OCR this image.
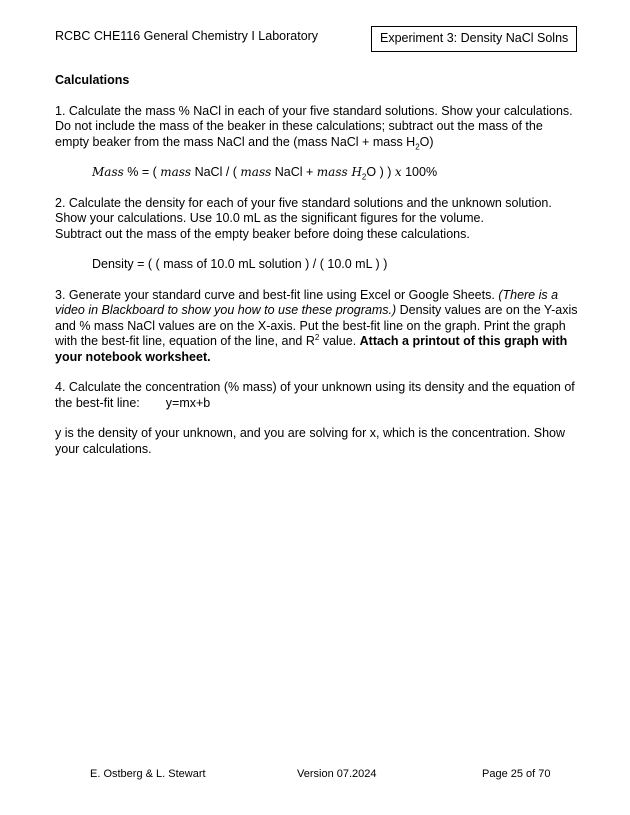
RCBC CHE116 General Chemistry I Laboratory	Experiment 3: Density NaCl Solns
Calculations

1. Calculate the mass % NaCl in each of your five standard solutions. Show your calculations. Do not include the mass of the beaker in these calculations; subtract out the mass of the empty beaker from the mass NaCl and the (mass NaCl + mass $H_2O$)

Mass % = ( mass NaCl / ( mass NaCl + mass $H_2O$ ) ) x 100%

2. Calculate the density for each of your five standard solutions and the unknown solution. Show your calculations. Use 10.0 mL as the significant figures for the volume.
Subtract out the mass of the empty beaker before doing these calculations.

Density = ( ( mass of 10.0 mL solution ) / ( 10.0 mL ) )

3. Generate your standard curve and best-fit line using Excel or Google Sheets. (There is a video in Blackboard to show you how to use these programs.) Density values are on the Y-axis and % mass NaCl values are on the X-axis. Put the best-fit line on the graph. Print the graph with the best-fit line, equation of the line, and $R^2$ value. Attach a printout of this graph with your notebook worksheet.

4. Calculate the concentration (% mass) of your unknown using its density and the equation of the best-fit line: y=mx+b

y is the density of your unknown, and you are solving for x, which is the concentration. Show your calculations.

E. Ostberg & L. Stewart	Version 07.2024	Page 25 of 70
